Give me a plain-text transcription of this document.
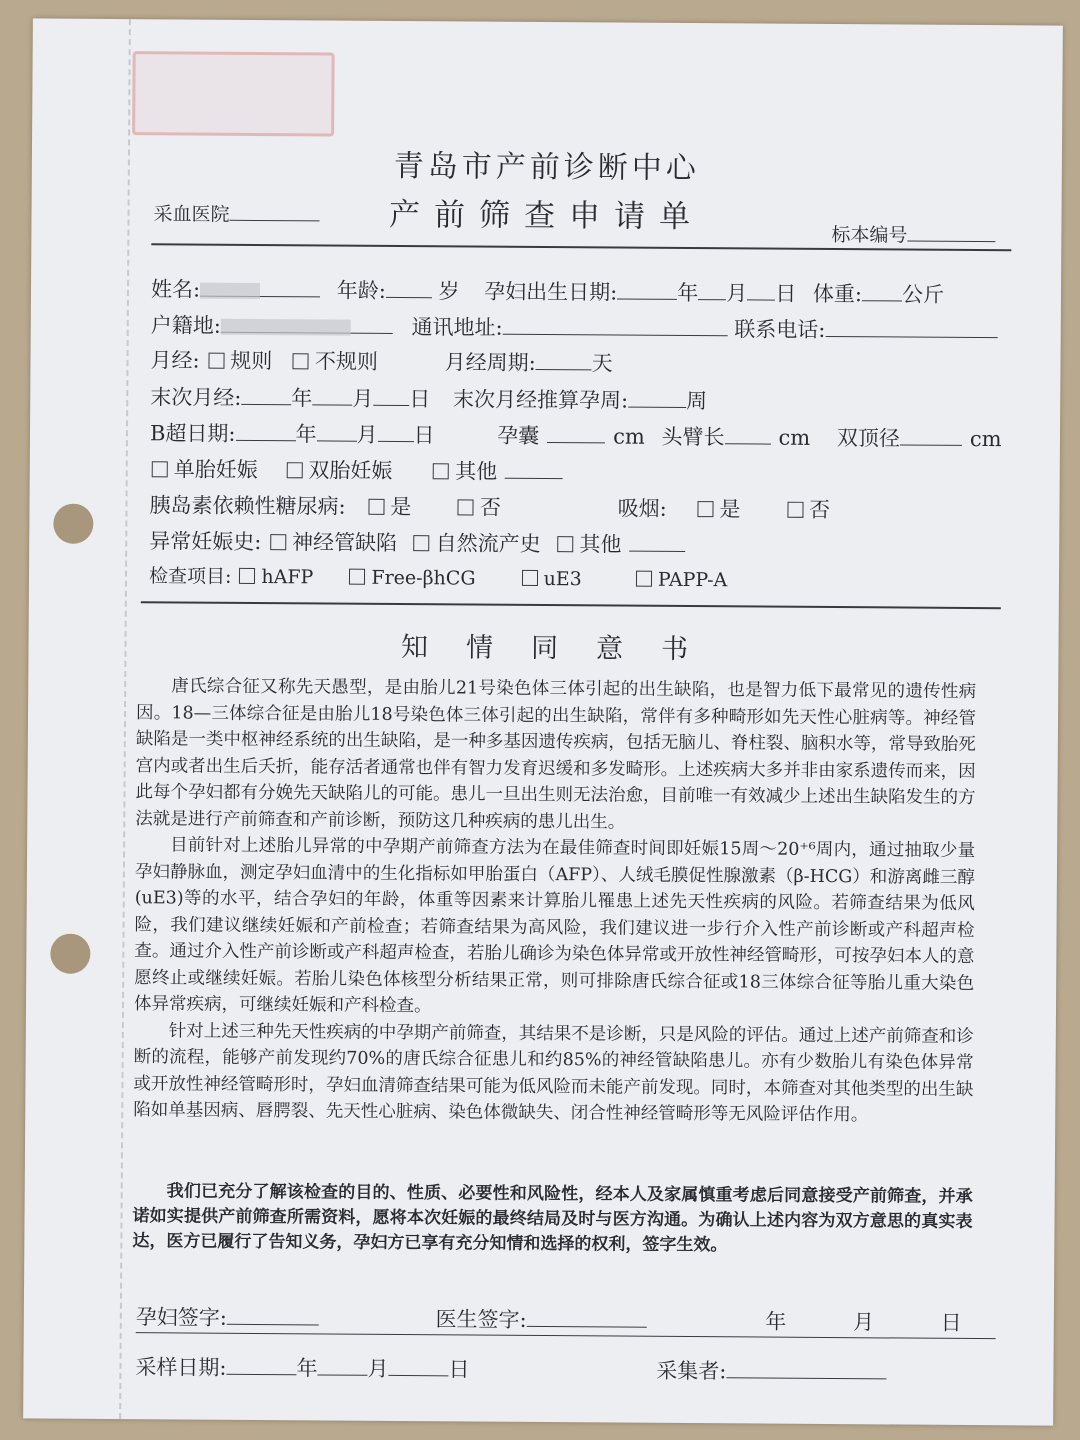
青岛市产前诊断中心
产前筛查申请单
采血医院
标本编号
姓名:	年龄:	岁 孕妇出生日期:	年 月 日 体重: 公斤
户籍地:	通讯地址:	联系电话:
月经: 规则 不规则	月经周期:	天
末次月经: 年 月 日 末次月经推算孕周:	周
B超日期:	年 月 日	孕囊	cm 头臂长	cm 双顶径	cm
单胎妊娠 双胎妊娠	其他
胰岛素依赖性糖尿病: 是	否	吸烟:	是	否
异常妊娠史: 神经管缺陷 自然流产史 其他
检查项目: hAFP	Free-βhCG	uE3	PAPP-A
知情同意书

唐氏综合征又称先天愚型，是由胎儿21号染色体三体引起的出生缺陷，也是智力低下最常见的遗传性病因。18—三体综合征是由胎儿18号染色体三体引起的出生缺陷，常伴有多种畸形如先天性心脏病等。神经管缺陷是一类中枢神经系统的出生缺陷，是一种多基因遗传疾病，包括无脑儿、脊柱裂、脑积水等，常导致胎死宫内或者出生后夭折，能存活者通常也伴有智力发育迟缓和多发畸形。上述疾病大多并非由家系遗传而来，因此每个孕妇都有分娩先天缺陷儿的可能。患儿一旦出生则无法治愈，目前唯一有效减少上述出生缺陷发生的方法就是进行产前筛查和产前诊断，预防这几种疾病的患儿出生。

目前针对上述胎儿异常的中孕期产前筛查方法为在最佳筛查时间即妊娠15周～20⁺⁶周内，通过抽取少量孕妇静脉血，测定孕妇血清中的生化指标如甲胎蛋白（AFP）、人绒毛膜促性腺激素（β-HCG）和游离雌三醇(uE3)等的水平，结合孕妇的年龄，体重等因素来计算胎儿罹患上述先天性疾病的风险。若筛查结果为低风险，我们建议继续妊娠和产前检查；若筛查结果为高风险，我们建议进一步行介入性产前诊断或产科超声检查。通过介入性产前诊断或产科超声检查，若胎儿确诊为染色体异常或开放性神经管畸形，可按孕妇本人的意愿终止或继续妊娠。若胎儿染色体核型分析结果正常，则可排除唐氏综合征或18三体综合征等胎儿重大染色体异常疾病，可继续妊娠和产科检查。

针对上述三种先天性疾病的中孕期产前筛查，其结果不是诊断，只是风险的评估。通过上述产前筛查和诊断的流程，能够产前发现约70%的唐氏综合征患儿和约85%的神经管缺陷患儿。亦有少数胎儿有染色体异常或开放性神经管畸形时，孕妇血清筛查结果可能为低风险而未能产前发现。同时，本筛查对其他类型的出生缺陷如单基因病、唇腭裂、先天性心脏病、染色体微缺失、闭合性神经管畸形等无风险评估作用。

我们已充分了解该检查的目的、性质、必要性和风险性，经本人及家属慎重考虑后同意接受产前筛查，并承诺如实提供产前筛查所需资料，愿将本次妊娠的最终结局及时与医方沟通。为确认上述内容为双方意思的真实表达，医方已履行了告知义务，孕妇方已享有充分知情和选择的权利，签字生效。

孕妇签字:	医生签字:	年	月	日
采样日期:	年 月	日	采集者:
